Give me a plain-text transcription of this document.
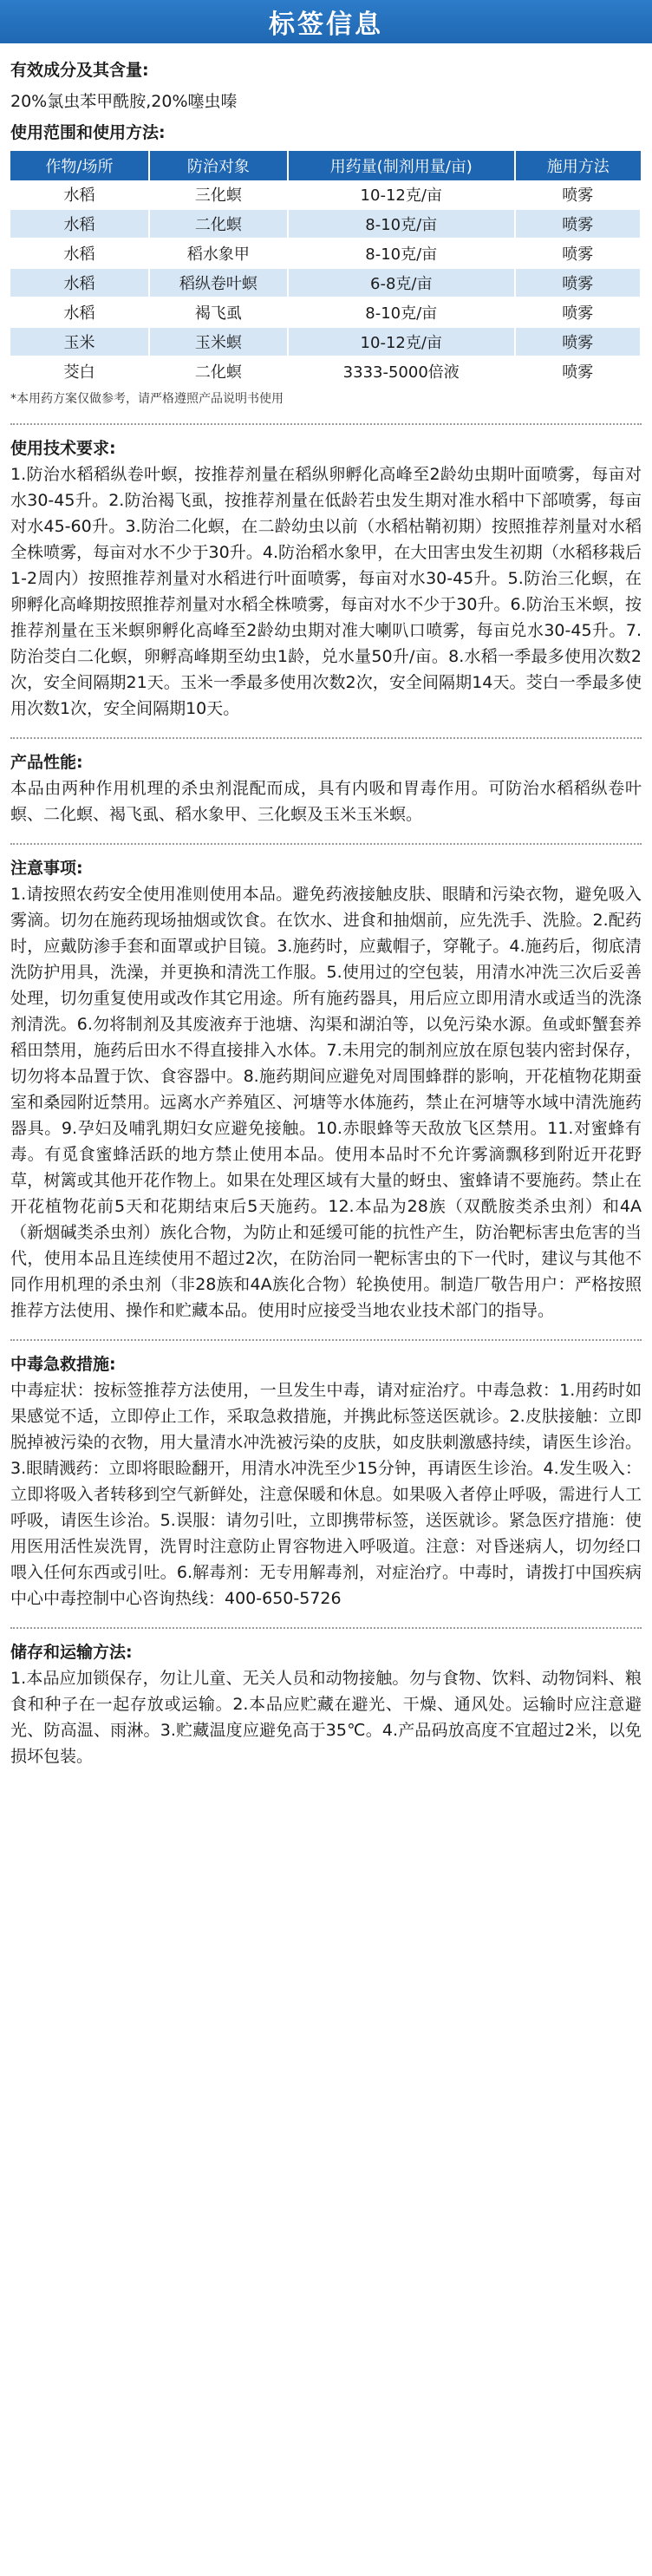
标签信息

有效成分及其含量:

20%氯虫苯甲酰胺,20%噻虫嗪

使用范围和使用方法:

作物/场所	防治对象	用药量(制剂用量/亩)	施用方法
水稻	三化螟	10-12克/亩	喷雾
水稻	二化螟	8-10克/亩	喷雾
水稻	稻水象甲	8-10克/亩	喷雾
水稻	稻纵卷叶螟	6-8克/亩	喷雾
水稻	褐飞虱	8-10克/亩	喷雾
玉米	玉米螟	10-12克/亩	喷雾
茭白	二化螟	3333-5000倍液	喷雾

*本用药方案仅做参考，请严格遵照产品说明书使用

使用技术要求:

1.防治水稻稻纵卷叶螟，按推荐剂量在稻纵卵孵化高峰至2龄幼虫期叶面喷雾，每亩对水30-45升。2.防治褐飞虱，按推荐剂量在低龄若虫发生期对准水稻中下部喷雾，每亩对水45-60升。3.防治二化螟，在二龄幼虫以前（水稻枯鞘初期）按照推荐剂量对水稻全株喷雾，每亩对水不少于30升。4.防治稻水象甲，在大田害虫发生初期（水稻移栽后1-2周内）按照推荐剂量对水稻进行叶面喷雾，每亩对水30-45升。5.防治三化螟，在卵孵化高峰期按照推荐剂量对水稻全株喷雾，每亩对水不少于30升。6.防治玉米螟，按推荐剂量在玉米螟卵孵化高峰至2龄幼虫期对准大喇叭口喷雾，每亩兑水30-45升。7.防治茭白二化螟，卵孵高峰期至幼虫1龄，兑水量50升/亩。8.水稻一季最多使用次数2次，安全间隔期21天。玉米一季最多使用次数2次，安全间隔期14天。茭白一季最多使用次数1次，安全间隔期10天。

产品性能:

本品由两种作用机理的杀虫剂混配而成，具有内吸和胃毒作用。可防治水稻稻纵卷叶螟、二化螟、褐飞虱、稻水象甲、三化螟及玉米玉米螟。

注意事项:

1.请按照农药安全使用准则使用本品。避免药液接触皮肤、眼睛和污染衣物，避免吸入雾滴。切勿在施药现场抽烟或饮食。在饮水、进食和抽烟前，应先洗手、洗脸。2.配药时，应戴防渗手套和面罩或护目镜。3.施药时，应戴帽子，穿靴子。4.施药后，彻底清洗防护用具，洗澡，并更换和清洗工作服。5.使用过的空包装，用清水冲洗三次后妥善处理，切勿重复使用或改作其它用途。所有施药器具，用后应立即用清水或适当的洗涤剂清洗。6.勿将制剂及其废液弃于池塘、沟渠和湖泊等，以免污染水源。鱼或虾蟹套养稻田禁用，施药后田水不得直接排入水体。7.未用完的制剂应放在原包装内密封保存，切勿将本品置于饮、食容器中。8.施药期间应避免对周围蜂群的影响，开花植物花期蚕室和桑园附近禁用。远离水产养殖区、河塘等水体施药，禁止在河塘等水域中清洗施药器具。9.孕妇及哺乳期妇女应避免接触。10.赤眼蜂等天敌放飞区禁用。11.对蜜蜂有毒。有觅食蜜蜂活跃的地方禁止使用本品。使用本品时不允许雾滴飘移到附近开花野草，树篱或其他开花作物上。如果在处理区域有大量的蚜虫、蜜蜂请不要施药。禁止在开花植物花前5天和花期结束后5天施药。12.本品为28族（双酰胺类杀虫剂）和4A（新烟碱类杀虫剂）族化合物，为防止和延缓可能的抗性产生，防治靶标害虫危害的当代，使用本品且连续使用不超过2次，在防治同一靶标害虫的下一代时，建议与其他不同作用机理的杀虫剂（非28族和4A族化合物）轮换使用。制造厂敬告用户：严格按照推荐方法使用、操作和贮藏本品。使用时应接受当地农业技术部门的指导。

中毒急救措施:

中毒症状：按标签推荐方法使用，一旦发生中毒，请对症治疗。中毒急救：1.用药时如果感觉不适，立即停止工作，采取急救措施，并携此标签送医就诊。2.皮肤接触：立即脱掉被污染的衣物，用大量清水冲洗被污染的皮肤，如皮肤刺激感持续，请医生诊治。3.眼睛溅药：立即将眼睑翻开，用清水冲洗至少15分钟，再请医生诊治。4.发生吸入：立即将吸入者转移到空气新鲜处，注意保暖和休息。如果吸入者停止呼吸，需进行人工呼吸，请医生诊治。5.误服：请勿引吐，立即携带标签，送医就诊。紧急医疗措施：使用医用活性炭洗胃，洗胃时注意防止胃容物进入呼吸道。注意：对昏迷病人，切勿经口喂入任何东西或引吐。6.解毒剂：无专用解毒剂，对症治疗。中毒时，请拨打中国疾病中心中毒控制中心咨询热线：400-650-5726

储存和运输方法:

1.本品应加锁保存，勿让儿童、无关人员和动物接触。勿与食物、饮料、动物饲料、粮食和种子在一起存放或运输。2.本品应贮藏在避光、干燥、通风处。运输时应注意避光、防高温、雨淋。3.贮藏温度应避免高于35℃。4.产品码放高度不宜超过2米，以免损坏包装。
